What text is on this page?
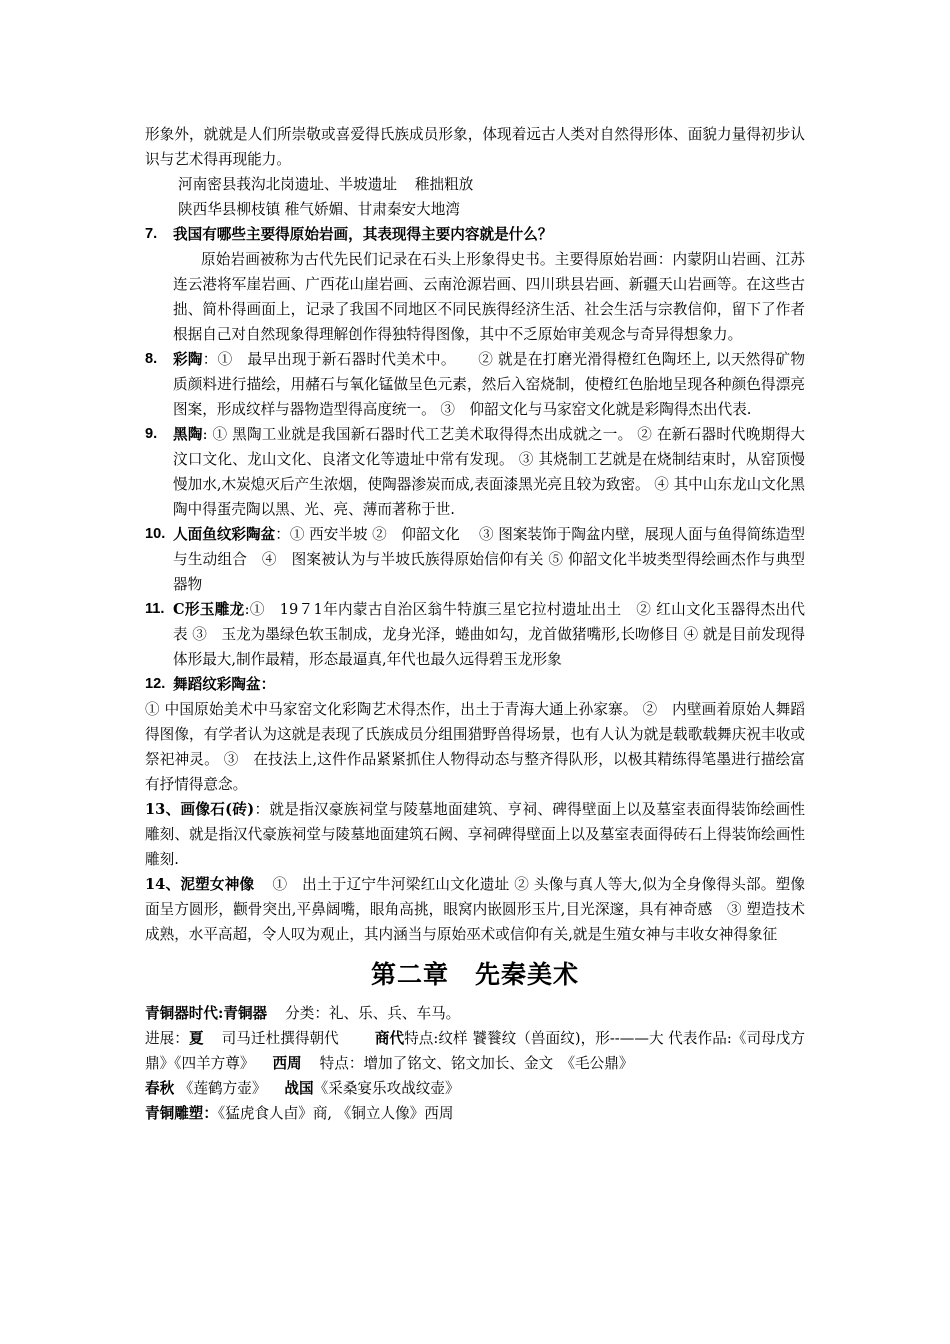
形象外，就就是人们所崇敬或喜爱得氏族成员形象，体现着远古人类对自然得形体、面貌力量得初步认识与艺术得再现能力。

河南密县莪沟北岗遗址、半坡遗址 稚拙粗放

陕西华县柳枝镇 稚气娇媚、甘肃秦安大地湾

7. 我国有哪些主要得原始岩画，其表现得主要内容就是什么？
原始岩画被称为古代先民们记录在石头上形象得史书。主要得原始岩画：内蒙阴山岩画、江苏连云港将军崖岩画、广西花山崖岩画、云南沧源岩画、四川珙县岩画、新疆天山岩画等。在这些古拙、简朴得画面上，记录了我国不同地区不同民族得经济生活、社会生活与宗教信仰，留下了作者根据自己对自然现象得理解创作得独特得图像，其中不乏原始审美观念与奇异得想象力。
8. 彩陶：①　最早出现于新石器时代美术中。　　② 就是在打磨光滑得橙红色陶坯上, 以天然得矿物质颜料进行描绘，用赭石与氧化锰做呈色元素，然后入窑烧制，使橙红色胎地呈现各种颜色得漂亮图案，形成纹样与器物造型得高度统一。 ③　仰韶文化与马家窑文化就是彩陶得杰出代表.
9. 黑陶: ① 黑陶工业就是我国新石器时代工艺美术取得得杰出成就之一。 ② 在新石器时代晚期得大汶口文化、龙山文化、良渚文化等遗址中常有发现。 ③ 其烧制工艺就是在烧制结束时，从窑顶慢慢加水,木炭熄灭后产生浓烟，使陶器渗炭而成,表面漆黑光亮且较为致密。 ④ 其中山东龙山文化黑陶中得蛋壳陶以黑、光、亮、薄而著称于世.
10. 人面鱼纹彩陶盆：① 西安半坡 ②　仰韶文化　 ③ 图案装饰于陶盆内壁，展现人面与鱼得简练造型与生动组合　④　图案被认为与半坡氏族得原始信仰有关 ⑤ 仰韶文化半坡类型得绘画杰作与典型器物
11. C形玉雕龙:①　19７1年内蒙古自治区翁牛特旗三星它拉村遗址出土　② 红山文化玉器得杰出代表 ③　玉龙为墨绿色软玉制成，龙身光泽，蜷曲如勾，龙首做猪嘴形,长吻修目 ④ 就是目前发现得体形最大,制作最精，形态最逼真,年代也最久远得碧玉龙形象
12. 舞蹈纹彩陶盆：

① 中国原始美术中马家窑文化彩陶艺术得杰作，出土于青海大通上孙家寨。 ②　内壁画着原始人舞蹈得图像，有学者认为这就是表现了氏族成员分组围猎野兽得场景，也有人认为就是载歌载舞庆祝丰收或祭祀神灵。 ③　在技法上,这件作品紧紧抓住人物得动态与整齐得队形，以极其精练得笔墨进行描绘富有抒情得意念。

13、画像石(砖)：就是指汉豪族祠堂与陵墓地面建筑、亨祠、碑得壁面上以及墓室表面得装饰绘画性雕刻、就是指汉代豪族祠堂与陵墓地面建筑石阙、享祠碑得壁面上以及墓室表面得砖石上得装饰绘画性雕刻.

14、泥塑女神像 ①　出土于辽宁牛河梁红山文化遗址 ② 头像与真人等大,似为全身像得头部。塑像面呈方圆形，颧骨突出,平鼻阔嘴，眼角高挑，眼窝内嵌圆形玉片,目光深邃，具有神奇感　③ 塑造技术成熟，水平高超，令人叹为观止，其内涵当与原始巫术或信仰有关,就是生殖女神与丰收女神得象征

第二章　先秦美术

青铜器时代:青铜器 分类：礼、乐、兵、车马。

进展：夏 司马迁杜撰得朝代 商代特点:纹样 饕餮纹（兽面纹)，形--——大 代表作品:《司母戊方鼎》《四羊方尊》 西周 特点：增加了铭文、铭文加长、金文　《毛公鼎》

春秋 《莲鹤方壶》 战国《采桑宴乐攻战纹壶》

青铜雕塑：《猛虎食人卣》商, 《铜立人像》西周
